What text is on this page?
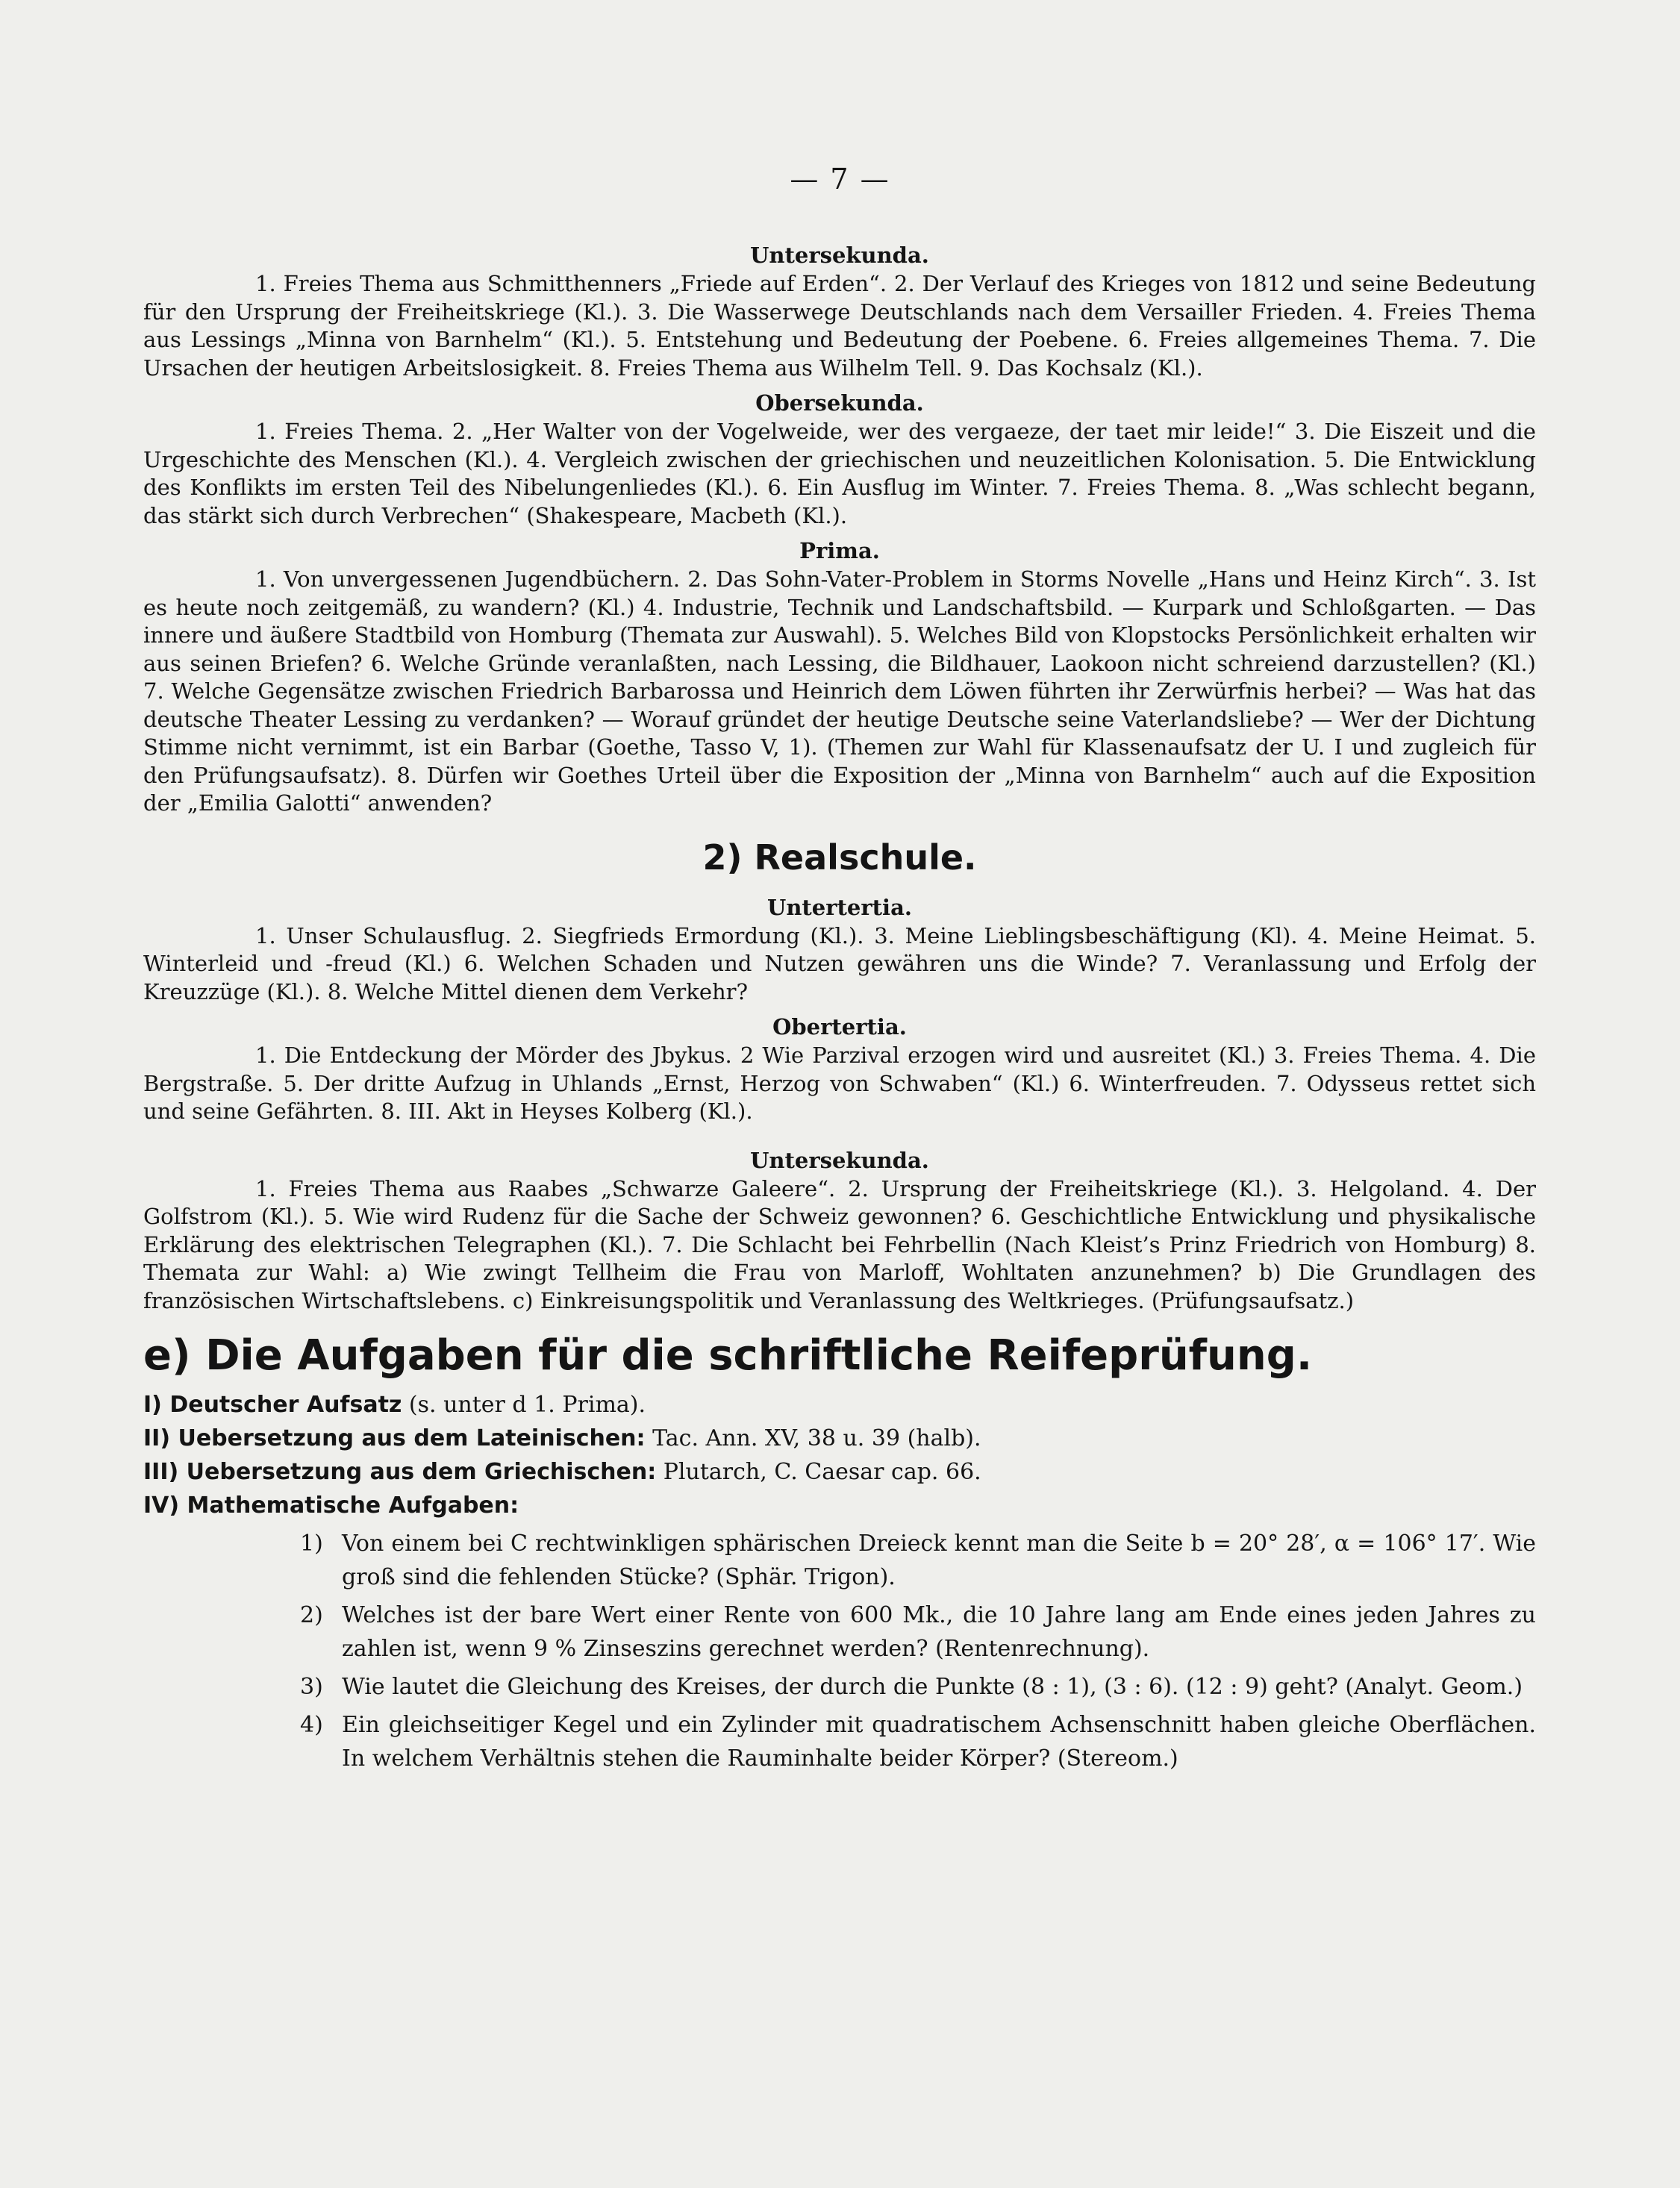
— 7 —
Untersekunda.

1. Freies Thema aus Schmitthenners „Friede auf Erden“. 2. Der Verlauf des Krieges von 1812 und seine Bedeutung für den Ursprung der Freiheitskriege (Kl.). 3. Die Wasserwege Deutschlands nach dem Versailler Frieden. 4. Freies Thema aus Lessings „Minna von Barnhelm“ (Kl.). 5. Entstehung und Bedeutung der Poebene. 6. Freies allgemeines Thema. 7. Die Ursachen der heutigen Arbeitslosigkeit. 8. Freies Thema aus Wilhelm Tell. 9. Das Kochsalz (Kl.).

Obersekunda.

1. Freies Thema. 2. „Her Walter von der Vogelweide, wer des vergaeze, der taet mir leide!“ 3. Die Eiszeit und die Urgeschichte des Menschen (Kl.). 4. Vergleich zwischen der griechischen und neuzeitlichen Kolonisation. 5. Die Entwicklung des Konflikts im ersten Teil des Nibelungenliedes (Kl.). 6. Ein Ausflug im Winter. 7. Freies Thema. 8. „Was schlecht begann, das stärkt sich durch Verbrechen“ (Shakespeare, Macbeth (Kl.).

Prima.

1. Von unvergessenen Jugendbüchern. 2. Das Sohn-Vater-Problem in Storms Novelle „Hans und Heinz Kirch“. 3. Ist es heute noch zeitgemäß, zu wandern? (Kl.) 4. Industrie, Technik und Landschaftsbild. — Kurpark und Schloßgarten. — Das innere und äußere Stadtbild von Homburg (Themata zur Auswahl). 5. Welches Bild von Klopstocks Persönlichkeit erhalten wir aus seinen Briefen? 6. Welche Gründe veranlaßten, nach Lessing, die Bildhauer, Laokoon nicht schreiend darzustellen? (Kl.) 7. Welche Gegensätze zwischen Friedrich Barbarossa und Heinrich dem Löwen führten ihr Zerwürfnis herbei? — Was hat das deutsche Theater Lessing zu verdanken? — Worauf gründet der heutige Deutsche seine Vaterlandsliebe? — Wer der Dichtung Stimme nicht vernimmt, ist ein Barbar (Goethe, Tasso V, 1). (Themen zur Wahl für Klassenaufsatz der U. I und zugleich für den Prüfungsaufsatz). 8. Dürfen wir Goethes Urteil über die Exposition der „Minna von Barnhelm“ auch auf die Exposition der „Emilia Galotti“ anwenden?

2) Realschule.
Untertertia.

1. Unser Schulausflug. 2. Siegfrieds Ermordung (Kl.). 3. Meine Lieblingsbeschäftigung (Kl). 4. Meine Heimat. 5. Winterleid und -freud (Kl.) 6. Welchen Schaden und Nutzen gewähren uns die Winde? 7. Veranlassung und Erfolg der Kreuzzüge (Kl.). 8. Welche Mittel dienen dem Verkehr?

Obertertia.

1. Die Entdeckung der Mörder des Jbykus. 2 Wie Parzival erzogen wird und ausreitet (Kl.) 3. Freies Thema. 4. Die Bergstraße. 5. Der dritte Aufzug in Uhlands „Ernst, Herzog von Schwaben“ (Kl.) 6. Winterfreuden. 7. Odysseus rettet sich und seine Gefährten. 8. III. Akt in Heyses Kolberg (Kl.).

Untersekunda.

1. Freies Thema aus Raabes „Schwarze Galeere“. 2. Ursprung der Freiheitskriege (Kl.). 3. Helgoland. 4. Der Golfstrom (Kl.). 5. Wie wird Rudenz für die Sache der Schweiz gewonnen? 6. Geschichtliche Entwicklung und physikalische Erklärung des elektrischen Telegraphen (Kl.). 7. Die Schlacht bei Fehrbellin (Nach Kleist’s Prinz Friedrich von Homburg) 8. Themata zur Wahl: a) Wie zwingt Tellheim die Frau von Marloff, Wohltaten anzunehmen? b) Die Grundlagen des französischen Wirtschaftslebens. c) Einkreisungspolitik und Veranlassung des Weltkrieges. (Prüfungsaufsatz.)

e) Die Aufgaben für die schriftliche Reifeprüfung.

I) Deutscher Aufsatz (s. unter d 1. Prima).

II) Uebersetzung aus dem Lateinischen: Tac. Ann. XV, 38 u. 39 (halb).

III) Uebersetzung aus dem Griechischen: Plutarch, C. Caesar cap. 66.

IV) Mathematische Aufgaben:

1) Von einem bei C rechtwinkligen sphärischen Dreieck kennt man die Seite b = 20° 28′, α = 106° 17′. Wie groß sind die fehlenden Stücke? (Sphär. Trigon).
2) Welches ist der bare Wert einer Rente von 600 Mk., die 10 Jahre lang am Ende eines jeden Jahres zu zahlen ist, wenn 9 % Zinseszins gerechnet werden? (Rentenrechnung).
3) Wie lautet die Gleichung des Kreises, der durch die Punkte (8 : 1), (3 : 6). (12 : 9) geht? (Analyt. Geom.)
4) Ein gleichseitiger Kegel und ein Zylinder mit quadratischem Achsenschnitt haben gleiche Oberflächen. In welchem Verhältnis stehen die Rauminhalte beider Körper? (Stereom.)
